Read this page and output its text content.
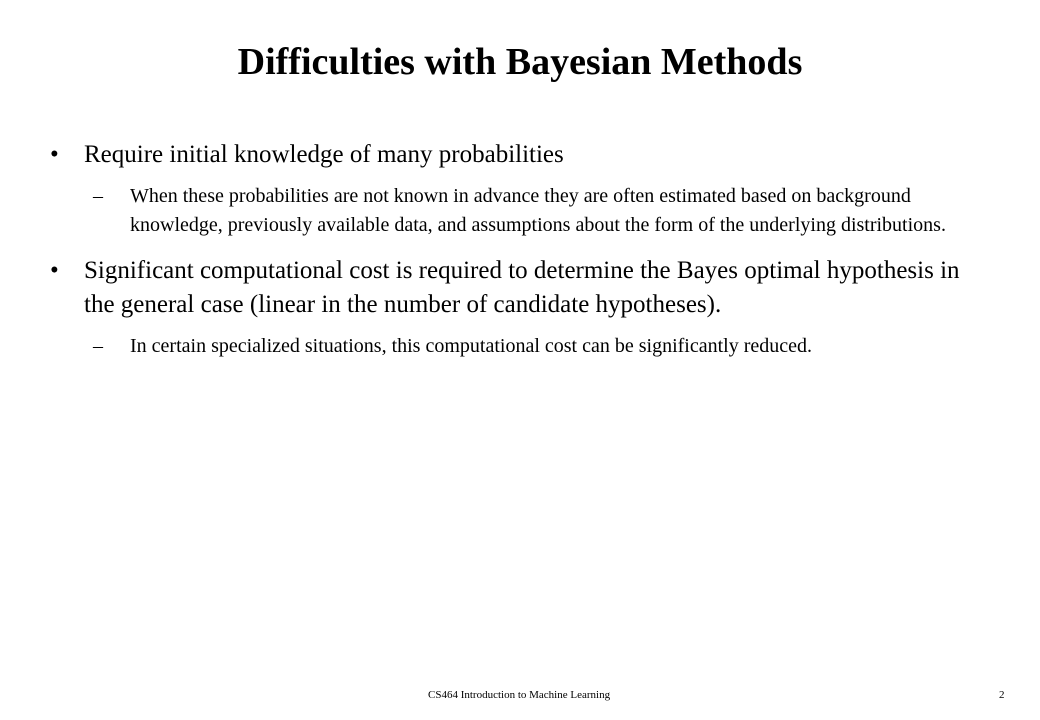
Difficulties with Bayesian Methods
•	Require initial knowledge of many probabilities
– When these probabilities are not known in advance they are often estimated based on background knowledge, previously available data, and assumptions about the form of the underlying distributions.
•	Significant computational cost is required to determine the Bayes optimal hypothesis in the general case (linear in the number of candidate hypotheses).
– In certain specialized situations, this computational cost can be significantly reduced.
CS464 Introduction to Machine Learning	2
